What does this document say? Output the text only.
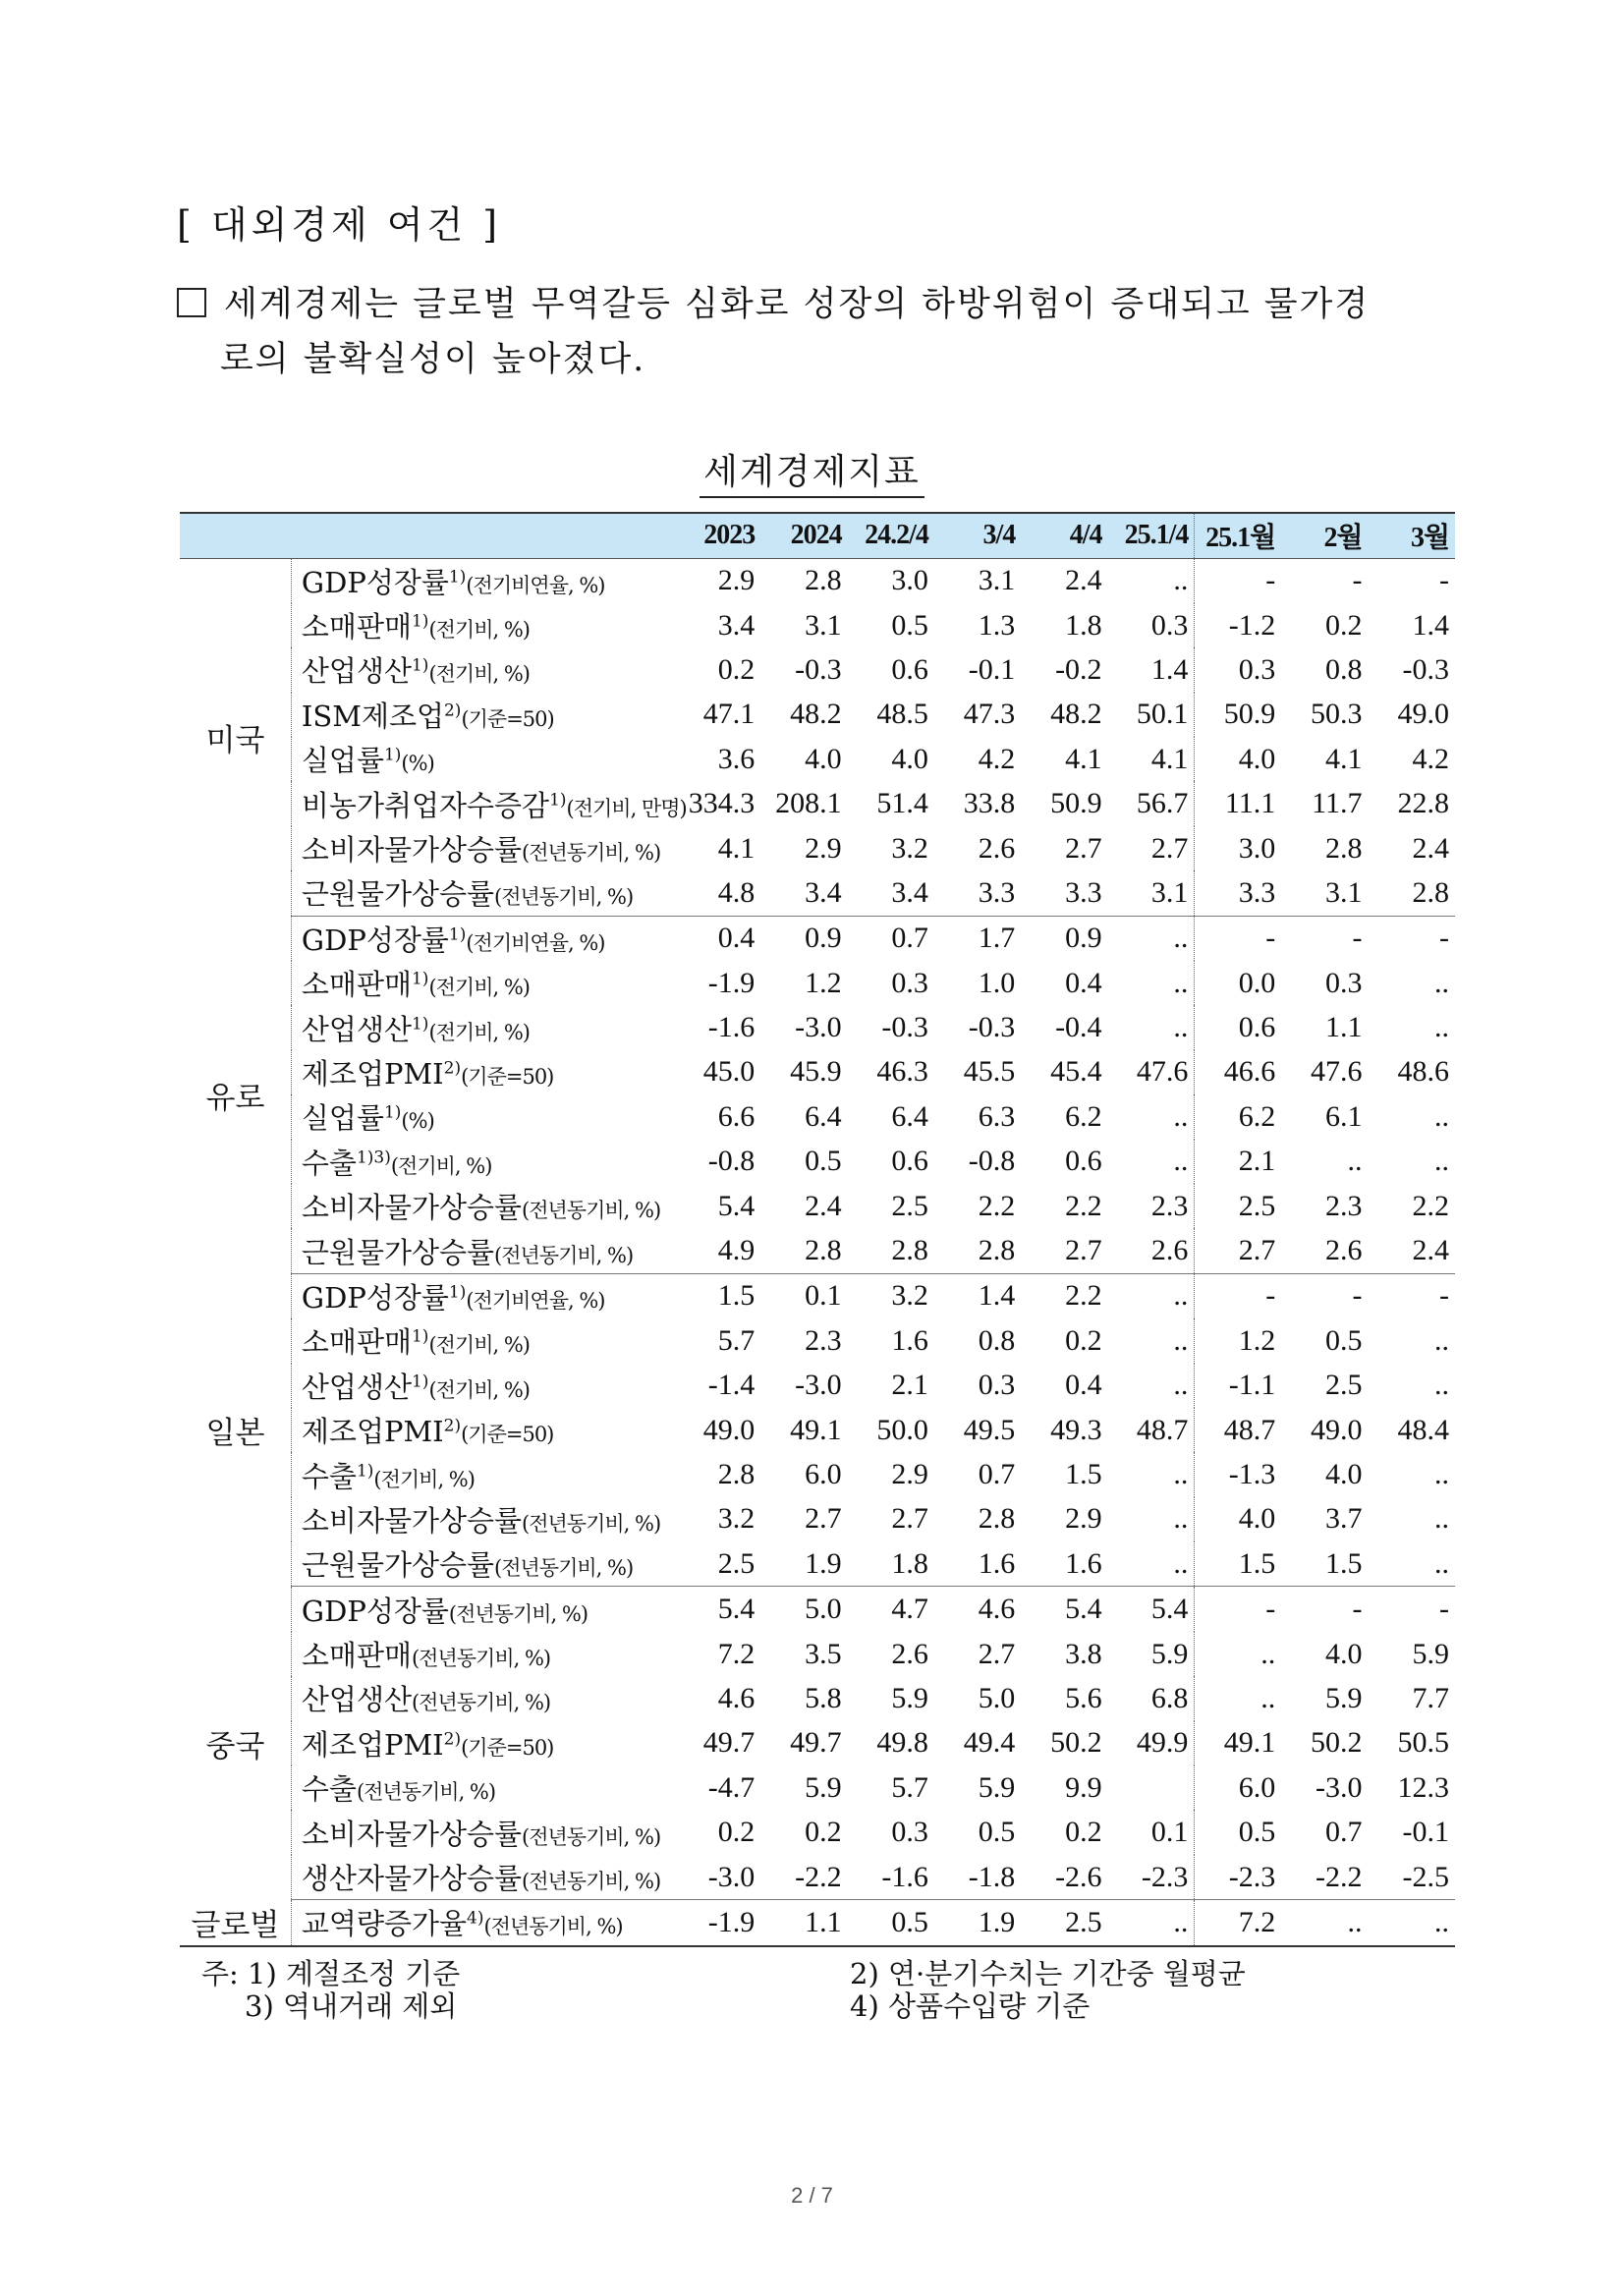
[ 대외경제 여건 ]
세계경제는 글로벌 무역갈등 심화로 성장의 하방위험이 증대되고 물가경
로의 불확실성이 높아졌다.
세계경제지표
		2023	2024	24.2/4	3/4	4/4	25.1/4	25.1월	2월	3월
미국	GDP성장률$^{1)}$(전기비연율, %)	2.9	2.8	3.0	3.1	2.4	..	-	-	-
	소매판매$^{1)}$(전기비, %)	3.4	3.1	0.5	1.3	1.8	0.3	-1.2	0.2	1.4
	산업생산$^{1)}$(전기비, %)	0.2	-0.3	0.6	-0.1	-0.2	1.4	0.3	0.8	-0.3
	ISM제조업$^{2)}$(기준=50)	47.1	48.2	48.5	47.3	48.2	50.1	50.9	50.3	49.0
	실업률$^{1)}$(%)	3.6	4.0	4.0	4.2	4.1	4.1	4.0	4.1	4.2
	비농가취업자수증감$^{1)}$(전기비, 만명)	334.3	208.1	51.4	33.8	50.9	56.7	11.1	11.7	22.8
	소비자물가상승률(전년동기비, %)	4.1	2.9	3.2	2.6	2.7	2.7	3.0	2.8	2.4
	근원물가상승률(전년동기비, %)	4.8	3.4	3.4	3.3	3.3	3.1	3.3	3.1	2.8
유로	GDP성장률$^{1)}$(전기비연율, %)	0.4	0.9	0.7	1.7	0.9	..	-	-	-
	소매판매$^{1)}$(전기비, %)	-1.9	1.2	0.3	1.0	0.4	..	0.0	0.3	..
	산업생산$^{1)}$(전기비, %)	-1.6	-3.0	-0.3	-0.3	-0.4	..	0.6	1.1	..
	제조업PMI$^{2)}$(기준=50)	45.0	45.9	46.3	45.5	45.4	47.6	46.6	47.6	48.6
	실업률$^{1)}$(%)	6.6	6.4	6.4	6.3	6.2	..	6.2	6.1	..
	수출$^{1)3)}$(전기비, %)	-0.8	0.5	0.6	-0.8	0.6	..	2.1	..	..
	소비자물가상승률(전년동기비, %)	5.4	2.4	2.5	2.2	2.2	2.3	2.5	2.3	2.2
	근원물가상승률(전년동기비, %)	4.9	2.8	2.8	2.8	2.7	2.6	2.7	2.6	2.4
일본	GDP성장률$^{1)}$(전기비연율, %)	1.5	0.1	3.2	1.4	2.2	..	-	-	-
	소매판매$^{1)}$(전기비, %)	5.7	2.3	1.6	0.8	0.2	..	1.2	0.5	..
	산업생산$^{1)}$(전기비, %)	-1.4	-3.0	2.1	0.3	0.4	..	-1.1	2.5	..
	제조업PMI$^{2)}$(기준=50)	49.0	49.1	50.0	49.5	49.3	48.7	48.7	49.0	48.4
	수출$^{1)}$(전기비, %)	2.8	6.0	2.9	0.7	1.5	..	-1.3	4.0	..
	소비자물가상승률(전년동기비, %)	3.2	2.7	2.7	2.8	2.9	..	4.0	3.7	..
	근원물가상승률(전년동기비, %)	2.5	1.9	1.8	1.6	1.6	..	1.5	1.5	..
중국	GDP성장률(전년동기비, %)	5.4	5.0	4.7	4.6	5.4	5.4	-	-	-
	소매판매(전년동기비, %)	7.2	3.5	2.6	2.7	3.8	5.9	..	4.0	5.9
	산업생산(전년동기비, %)	4.6	5.8	5.9	5.0	5.6	6.8	..	5.9	7.7
	제조업PMI$^{2)}$(기준=50)	49.7	49.7	49.8	49.4	50.2	49.9	49.1	50.2	50.5
	수출(전년동기비, %)	-4.7	5.9	5.7	5.9	9.9		6.0	-3.0	12.3
	소비자물가상승률(전년동기비, %)	0.2	0.2	0.3	0.5	0.2	0.1	0.5	0.7	-0.1
	생산자물가상승률(전년동기비, %)	-3.0	-2.2	-1.6	-1.8	-2.6	-2.3	-2.3	-2.2	-2.5
글로벌	교역량증가율$^{4)}$(전년동기비, %)	-1.9	1.1	0.5	1.9	2.5	..	7.2	..	..
주: 1) 계절조정 기준	2) 연·분기수치는 기간중 월평균
3) 역내거래 제외	4) 상품수입량 기준
2 / 7
